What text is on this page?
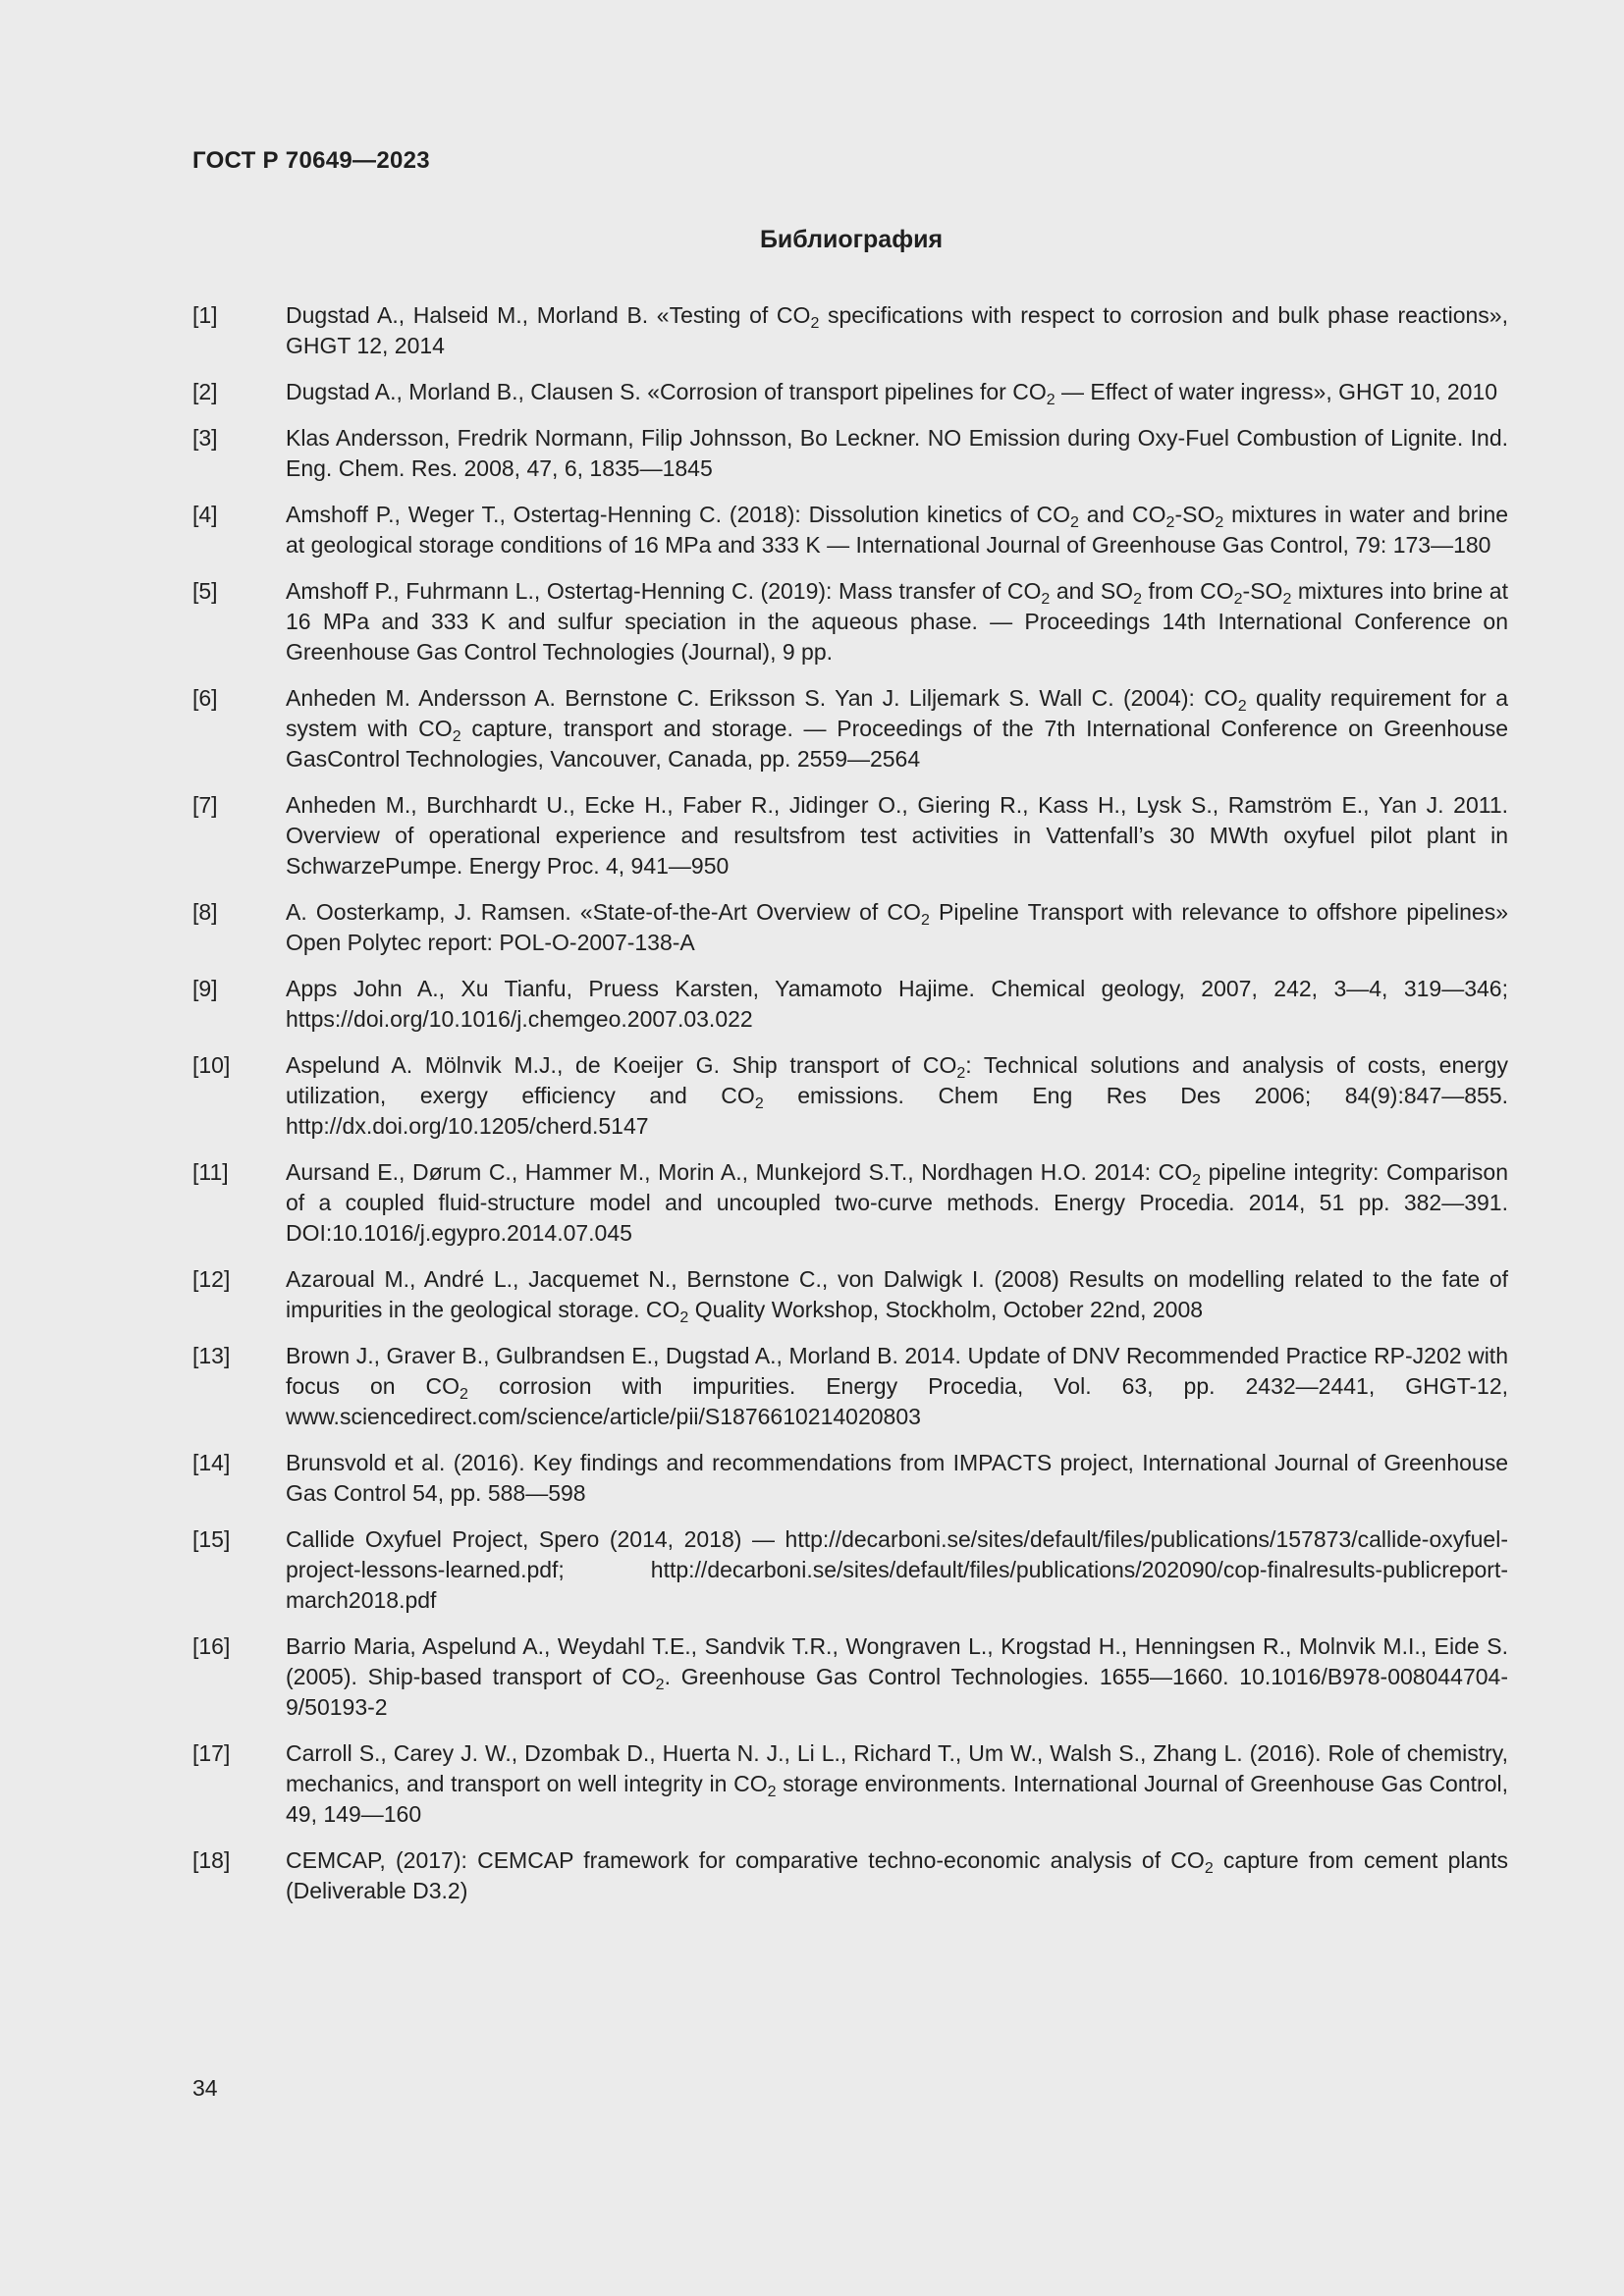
ГОСТ Р 70649—2023
Библиография
[1]	Dugstad A., Halseid M., Morland B. «Testing of $CO_2$ specifications with respect to corrosion and bulk phase reactions», GHGT 12, 2014
[2]	Dugstad A., Morland B., Clausen S. «Corrosion of transport pipelines for $CO_2$ — Effect of water ingress», GHGT 10, 2010
[3]	Klas Andersson, Fredrik Normann, Filip Johnsson, Bo Leckner. NO Emission during Oxy-Fuel Combustion of Lignite. Ind. Eng. Chem. Res. 2008, 47, 6, 1835—1845
[4]	Amshoff P., Weger T., Ostertag-Henning C. (2018): Dissolution kinetics of $CO_2$ and $CO_2-SO_2$ mixtures in water and brine at geological storage conditions of 16 MPa and 333 K — International Journal of Greenhouse Gas Control, 79: 173—180
[5]	Amshoff P., Fuhrmann L., Ostertag-Henning C. (2019): Mass transfer of $CO_2$ and $SO_2$ from $CO_2-SO_2$ mixtures into brine at 16 MPa and 333 K and sulfur speciation in the aqueous phase. — Proceedings 14th International Conference on Greenhouse Gas Control Technologies (Journal), 9 pp.
[6]	Anheden M. Andersson A. Bernstone C. Eriksson S. Yan J. Liljemark S. Wall C. (2004): $CO_2$ quality requirement for a system with $CO_2$ capture, transport and storage. — Proceedings of the 7th International Conference on Greenhouse GasControl Technologies, Vancouver, Canada, pp. 2559—2564
[7]	Anheden M., Burchhardt U., Ecke H., Faber R., Jidinger O., Giering R., Kass H., Lysk S., Ramström E., Yan J. 2011. Overview of operational experience and resultsfrom test activities in Vattenfall’s 30 MWth oxyfuel pilot plant in SchwarzePumpe. Energy Proc. 4, 941—950
[8]	A. Oosterkamp, J. Ramsen. «State-of-the-Art Overview of $CO_2$ Pipeline Transport with relevance to offshore pipelines» Open Polytec report: POL-O-2007-138-A
[9]	Apps John A., Xu Tianfu, Pruess Karsten, Yamamoto Hajime. Chemical geology, 2007, 242, 3—4, 319—346; https://doi.org/10.1016/j.chemgeo.2007.03.022
[10]	Aspelund A. Mölnvik M.J., de Koeijer G. Ship transport of $CO_2$: Technical solutions and analysis of costs, energy utilization, exergy efficiency and $CO_2$ emissions. Chem Eng Res Des 2006; 84(9):847—855. http://dx.doi.org/10.1205/cherd.5147
[11]	Aursand E., Dørum C., Hammer M., Morin A., Munkejord S.T., Nordhagen H.O. 2014: $CO_2$ pipeline integrity: Comparison of a coupled fluid-structure model and uncoupled two-curve methods. Energy Procedia. 2014, 51 pp. 382—391. DOI:10.1016/j.egypro.2014.07.045
[12]	Azaroual M., André L., Jacquemet N., Bernstone C., von Dalwigk I. (2008) Results on modelling related to the fate of impurities in the geological storage. $CO_2$ Quality Workshop, Stockholm, October 22nd, 2008
[13]	Brown J., Graver B., Gulbrandsen E., Dugstad A., Morland B. 2014. Update of DNV Recommended Practice RP-J202 with focus on $CO_2$ corrosion with impurities. Energy Procedia, Vol. 63, pp. 2432—2441, GHGT-12, www.sciencedirect.com/science/article/pii/S1876610214020803
[14]	Brunsvold et al. (2016). Key findings and recommendations from IMPACTS project, International Journal of Greenhouse Gas Control 54, pp. 588—598
[15]	Callide Oxyfuel Project, Spero (2014, 2018) — http://decarboni.se/sites/default/files/publications/157873/callide-oxyfuel-project-lessons-learned.pdf; http://decarboni.se/sites/default/files/publications/202090/cop-finalresults-publicreport-march2018.pdf
[16]	Barrio Maria, Aspelund A., Weydahl T.E., Sandvik T.R., Wongraven L., Krogstad H., Henningsen R., Molnvik M.I., Eide S. (2005). Ship-based transport of $CO_2$. Greenhouse Gas Control Technologies. 1655—1660. 10.1016/B978-008044704-9/50193-2
[17]	Carroll S., Carey J. W., Dzombak D., Huerta N. J., Li L., Richard T., Um W., Walsh S., Zhang L. (2016). Role of chemistry, mechanics, and transport on well integrity in $CO_2$ storage environments. International Journal of Greenhouse Gas Control, 49, 149—160
[18]	CEMCAP, (2017): CEMCAP framework for comparative techno-economic analysis of $CO_2$ capture from cement plants (Deliverable D3.2)
34
